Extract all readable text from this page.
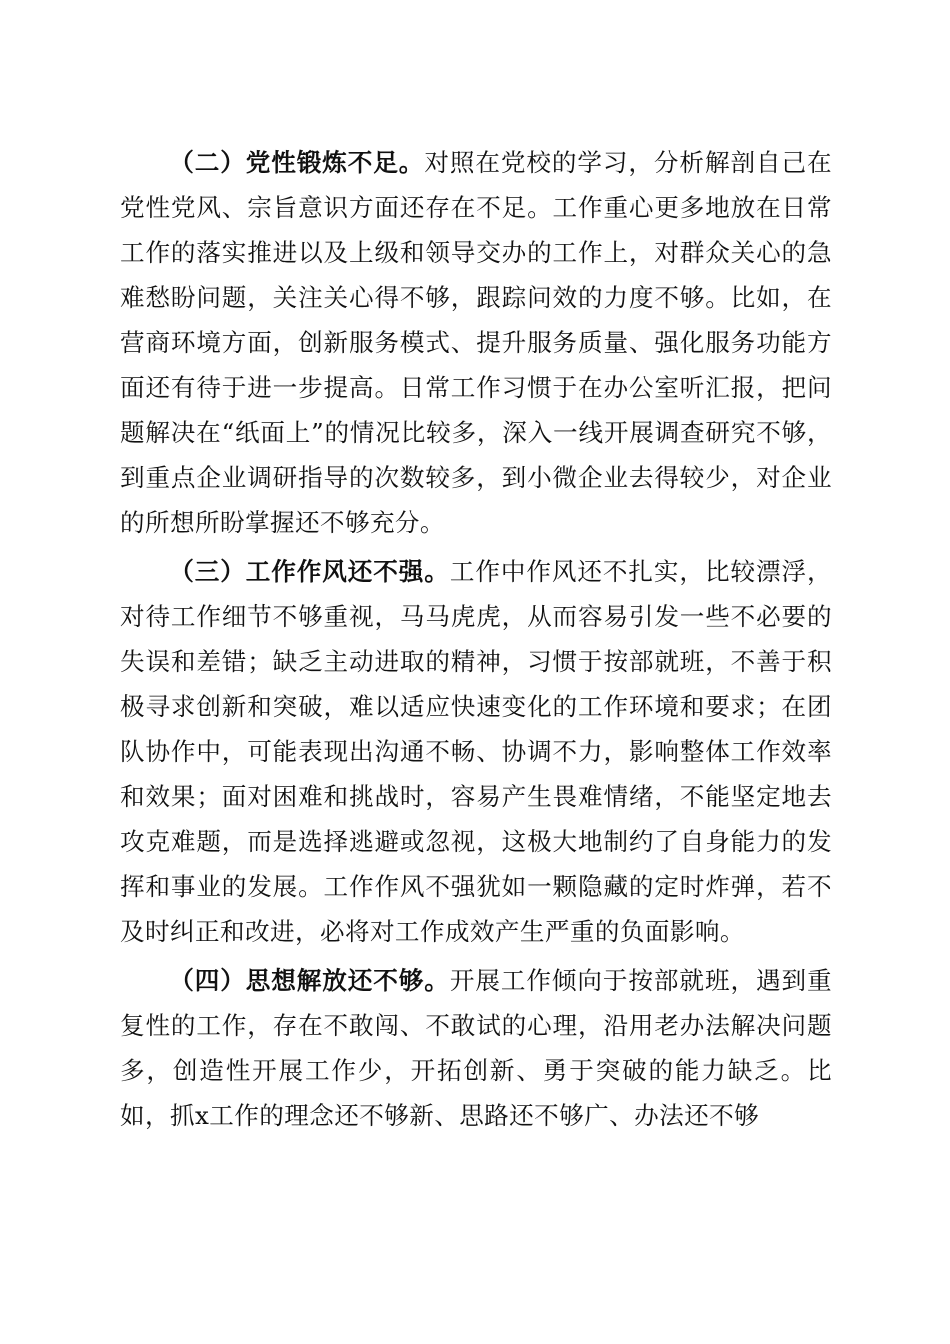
（二）党性锻炼不足。对照在党校的学习，分析解剖自己在党性党风、宗旨意识方面还存在不足。工作重心更多地放在日常工作的落实推进以及上级和领导交办的工作上，对群众关心的急难愁盼问题，关注关心得不够，跟踪问效的力度不够。比如，在营商环境方面，创新服务模式、提升服务质量、强化服务功能方面还有待于进一步提高。日常工作习惯于在办公室听汇报，把问题解决在“纸面上”的情况比较多，深入一线开展调查研究不够，到重点企业调研指导的次数较多，到小微企业去得较少，对企业的所想所盼掌握还不够充分。

（三）工作作风还不强。工作中作风还不扎实，比较漂浮，对待工作细节不够重视，马马虎虎，从而容易引发一些不必要的失误和差错；缺乏主动进取的精神，习惯于按部就班，不善于积极寻求创新和突破，难以适应快速变化的工作环境和要求；在团队协作中，可能表现出沟通不畅、协调不力，影响整体工作效率和效果；面对困难和挑战时，容易产生畏难情绪，不能坚定地去攻克难题，而是选择逃避或忽视，这极大地制约了自身能力的发挥和事业的发展。工作作风不强犹如一颗隐藏的定时炸弹，若不及时纠正和改进，必将对工作成效产生严重的负面影响。

（四）思想解放还不够。开展工作倾向于按部就班，遇到重复性的工作，存在不敢闯、不敢试的心理，沿用老办法解决问题多，创造性开展工作少，开拓创新、勇于突破的能力缺乏。比如，抓x工作的理念还不够新、思路还不够广、办法还不够
